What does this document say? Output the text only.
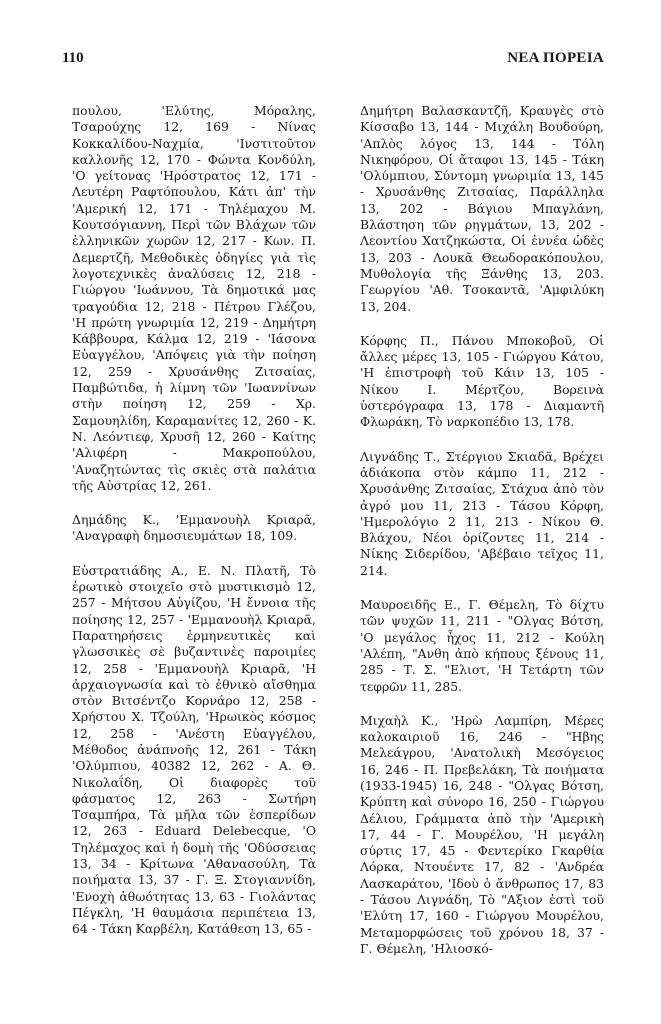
110	ΝΕΑ ΠΟΡΕΙΑ

πουλου, 'Ελύτης, Μόραλης, Τσαρούχης 12, 169 - Νίνας Κοκκαλίδου-Ναχμία, 'Ινστιτοῦτον καλλονῆς 12, 170 - Φώντα Κονδύλη, 'Ο γείτονας 'Ηρόστρατος 12, 171 - Λευτέρη Ραφτόπουλου, Κάτι ἀπ' τὴν 'Αμερική 12, 171 - Τηλέμαχου Μ. Κουτσόγιαννη, Περὶ τῶν Βλάχων τῶν ἑλληνικῶν χωρῶν 12, 217 - Κων. Π. Δεμερτζῆ, Μεθοδικὲς ὁδηγίες γιὰ τὶς λογοτεχνικὲς ἀναλύσεις 12, 218 - Γιώργου 'Ιωάννου, Τὰ δημοτικά μας τραγούδια 12, 218 - Πέτρου Γλέζου, 'Η πρώτη γνωριμία 12, 219 - Δημήτρη Κάββουρα, Κάλμα 12, 219 - 'Ιάσονα Εὐαγγέλου, 'Απόψεις γιὰ τὴν ποίηση 12, 259 - Χρυσάνθης Ζιτσαίας, Παμβώτιδα, ἡ λίμνη τῶν 'Ιωαννίνων στὴν ποίηση 12, 259 - Χρ. Σαμουηλίδη, Καραμανίτες 12, 260 - Κ. Ν. Λεόντιεφ, Χρυσῆ 12, 260 - Καίτης 'Αλιφέρη - Μακροπούλου, 'Αναζητώντας τὶς σκιὲς στὰ παλάτια τῆς Αὐστρίας 12, 261.

Δημάδης Κ., 'Εμμανουὴλ Κριαρᾶ, 'Αναγραφὴ δημοσιευμάτων 18, 109.

Εὐστρατιάδης Α., Ε. Ν. Πλατῆ, Τὸ ἐρωτικὸ στοιχεῖο στὸ μυστικισμὸ 12, 257 - Μήτσου Αὐγίζου, 'Η ἔννοια τῆς ποίησης 12, 257 - 'Εμμανουὴλ Κριαρᾶ, Παρατηρήσεις ἑρμηνευτικὲς καὶ γλωσσικὲς σὲ βυζαντινὲς παροιμίες 12, 258 - 'Εμμανουὴλ Κριαρᾶ, 'Η ἀρχαιογνωσία καὶ τὸ ἐθνικὸ αἴσθημα στὸν Βιτσέντζο Κορνάρο 12, 258 - Χρήστου Χ. Τζούλη, 'Ηρωικὸς κόσμος 12, 258 - 'Ανέστη Εὐαγγέλου, Μέθοδος ἀνάπνοῆς 12, 261 - Τάκη 'Ολύμπιου, 40382 12, 262 - Α. Θ. Νικολαΐδη, Οἱ διαφορὲς τοῦ φάσματος 12, 263 - Σωτήρη Τσαμπήρα, Τὰ μῆλα τῶν ἑσπερίδων 12, 263 - Eduard Delebecque, 'Ο Τηλέμαχος καὶ ἡ δομὴ τῆς 'Οδύσσειας 13, 34 - Κρίτωνα 'Αθανασούλη, Τὰ ποιήματα 13, 37 - Γ. Ξ. Στογιαννίδη, 'Ενοχὴ ἀθωότητας 13, 63 - Γιολάντας Πέγκλη, 'Η θαυμάσια περιπέτεια 13, 64 - Τάκη Καρβέλη, Κατάθεση 13, 65 -

Δημήτρη Βαλασκαντζῆ, Κραυγὲς στὸ Κίσσαβο 13, 144 - Μιχάλη Βουδούρη, 'Απλὸς λόγος 13, 144 - Τόλη Νικηφόρου, Οἱ ἄταφοι 13, 145 - Τάκη 'Ολύμπιου, Σύντομη γνωριμία 13, 145 - Χρυσάνθης Ζιτσαίας, Παράλληλα 13, 202 - Βάγιου Μπαγλάνη, Βλάστηση τῶν ρηγμάτων, 13, 202 - Λεοντίου Χατζηκώστα, Οἱ ἐννέα ὠδὲς 13, 203 - Λουκᾶ Θεωδορακόπουλου, Μυθολογία τῆς Ξάνθης 13, 203. Γεωργίου 'Αθ. Τσοκαντᾶ, 'Αμφιλύκη 13, 204.

Κόρφης Π., Πάνου Μποκοβοῦ, Οἱ ἄλλες μέρες 13, 105 - Γιώργου Κάτου, 'Η ἐπιστροφὴ τοῦ Κάιν 13, 105 - Νίκου Ι. Μέρτζου, Βορεινὰ ὑστερόγραφα 13, 178 - Διαμαντῆ Φλωράκη, Τὸ ναρκοπέδιο 13, 178.

Λιγνάδης Τ., Στέργιου Σκιαδᾶ, Βρέχει ἀδιάκοπα στὸν κάμπο 11, 212 - Χρυσάνθης Ζιτσαίας, Στάχυα ἀπὸ τὸν ἀγρό μου 11, 213 - Τάσου Κόρφη, 'Ημερολόγιο 2 11, 213 - Νίκου Θ. Βλάχου, Νέοι ὁρίζοντες 11, 214 - Νίκης Σιδερίδου, 'Αβέβαιο τεῖχος 11, 214.

Μαυροειδῆς Ε., Γ. Θέμελη, Τὸ δίχτυ τῶν ψυχῶν 11, 211 - "Ολγας Βότση, 'Ο μεγάλος ἦχος 11, 212 - Κούλη 'Αλέπη, "Ανθη ἀπὸ κήπους ξένους 11, 285 - Τ. Σ. "Ελιοτ, 'Η Τετάρτη τῶν τεφρῶν 11, 285.

Μιχαὴλ Κ., 'Ηρὼ Λαμπίρη, Μέρες καλοκαιριοῦ 16, 246 - "Ηβης Μελεάγρου, 'Ανατολικὴ Μεσόγειος 16, 246 - Π. Πρεβελάκη, Τὰ ποιήματα (1933-1945) 16, 248 - "Ολγας Βότση, Κρύπτη καὶ σύνορο 16, 250 - Γιώργου Δέλιου, Γράμματα ἀπὸ τὴν 'Αμερικὴ 17, 44 - Γ. Μουρέλου, 'Η μεγάλη σύρτις 17, 45 - Φεντερίκο Γκαρθία Λόρκα, Ντουέντε 17, 82 - 'Ανδρέα Λασκαράτου, 'Ιδοὺ ὁ ἄνθρωπος 17, 83 - Τάσου Λιγνάδη, Τὸ "Αξιον ἐστὶ τοῦ 'Ελύτη 17, 160 - Γιώργου Μουρέλου, Μεταμορφώσεις τοῦ χρόνου 18, 37 - Γ. Θέμελη, 'Ηλιοσκό-
